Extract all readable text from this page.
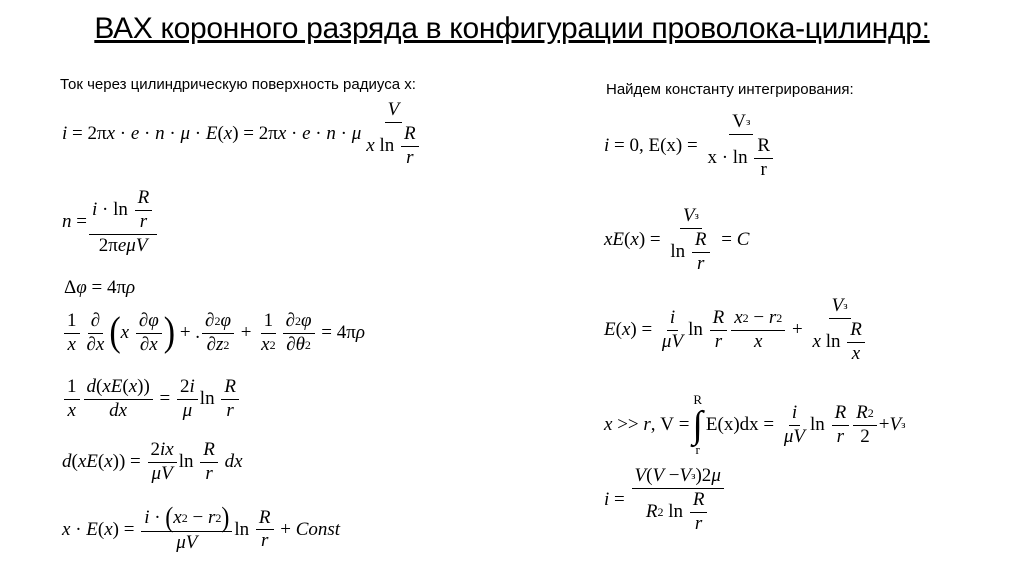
ВАХ коронного разряда в конфигурации проволока-цилиндр:
Ток через цилиндрическую поверхность радиуса x:	Найдем константу интегрирования:
i = 2π x · e · n · μ · E ( x ) = 2π x · e · n · μ $\frac{V}{x \ln \frac{R}{r}}$
$n = \frac{i \cdot \ln \frac{R}{r}}{\text{2π eμV}}$
Δφ = 4πρ
$\frac{1}{x} \frac{\partial}{\partial x}$ ( x
$\frac{\partial \varphi}{\partial x}$ ) + . $\frac{\partial 2 \varphi}{\partial z 2} + \frac{1}{x 2} \frac{\partial 2 \varphi}{\partial \theta 2} = 4\pi$ ρ
$\frac{1}{x} \frac{d ( xE ( x ))}{dx} = \frac{2 i}{\mu}$ $\ln \frac{R}{r}$
d ( xE ( x )) = $\frac{2 ix}{\mu V}$ $\ln \frac{R}{r}$
dx
x · E ( x ) = $\frac{i \cdot ( x 2 - r 2 )}{\mu V}$ $\ln \frac{R}{r}$ + Const
i = 0, $E(x) = \frac{\text{V з}}{x \cdot \ln \frac{R}{r}}$
xE ( x ) = $\frac{\text{V з}}{\ln \frac{R}{r}} = C$
E ( x ) = $\frac{i}{\mu V}$ $\ln \frac{R}{r} \frac{x 2 - r 2}{x} + \frac{\text{V з}}{x \ln \frac{R}{x}}$
x >> r , V =
R
∫
r
$E(x)dx = \frac{i}{\mu V}$ $\ln \frac{R}{r} \frac{R 2}{2} + V$ з
$i = \frac{\text{V ( V − V з )2 μ}}{R 2 \ln \frac{R}{r}}$
